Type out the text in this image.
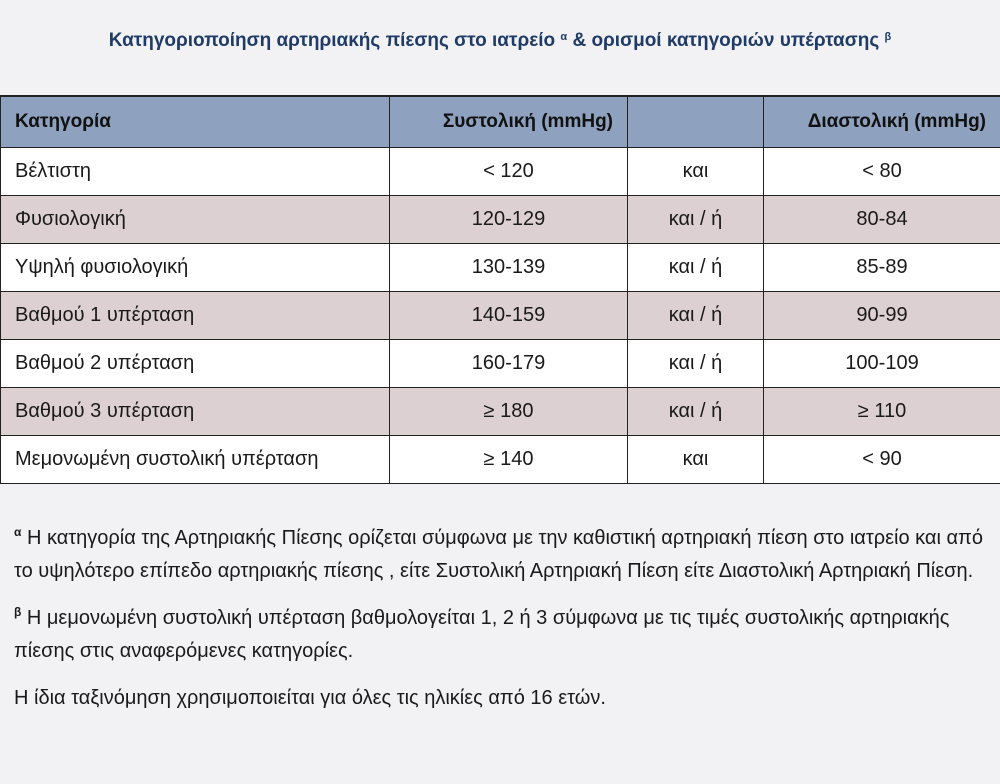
Κατηγοριοποίηση αρτηριακής πίεσης στο ιατρείο $^\alpha$ & ορισμοί κατηγοριών υπέρτασης $^\beta$
Κατηγορία	Συστολική (mmHg)		Διαστολική (mmHg)
Βέλτιστη	< 120	και	< 80
Φυσιολογική	120-129	και / ή	80-84
Υψηλή φυσιολογική	130-139	και / ή	85-89
Βαθμού 1 υπέρταση	140-159	και / ή	90-99
Βαθμού 2 υπέρταση	160-179	και / ή	100-109
Βαθμού 3 υπέρταση	≥ 180	και / ή	≥ 110
Μεμονωμένη συστολική υπέρταση	≥ 140	και	< 90

$^\alpha$ Η κατηγορία της Αρτηριακής Πίεσης ορίζεται σύμφωνα με την καθιστική αρτηριακή πίεση στο ιατρείο και από το υψηλότερο επίπεδο αρτηριακής πίεσης , είτε Συστολική Αρτηριακή Πίεση είτε Διαστολική Αρτηριακή Πίεση.

$^\beta$ Η μεμονωμένη συστολική υπέρταση βαθμολογείται 1, 2 ή 3 σύμφωνα με τις τιμές συστολικής αρτηριακής πίεσης στις αναφερόμενες κατηγορίες.

Η ίδια ταξινόμηση χρησιμοποιείται για όλες τις ηλικίες από 16 ετών.
